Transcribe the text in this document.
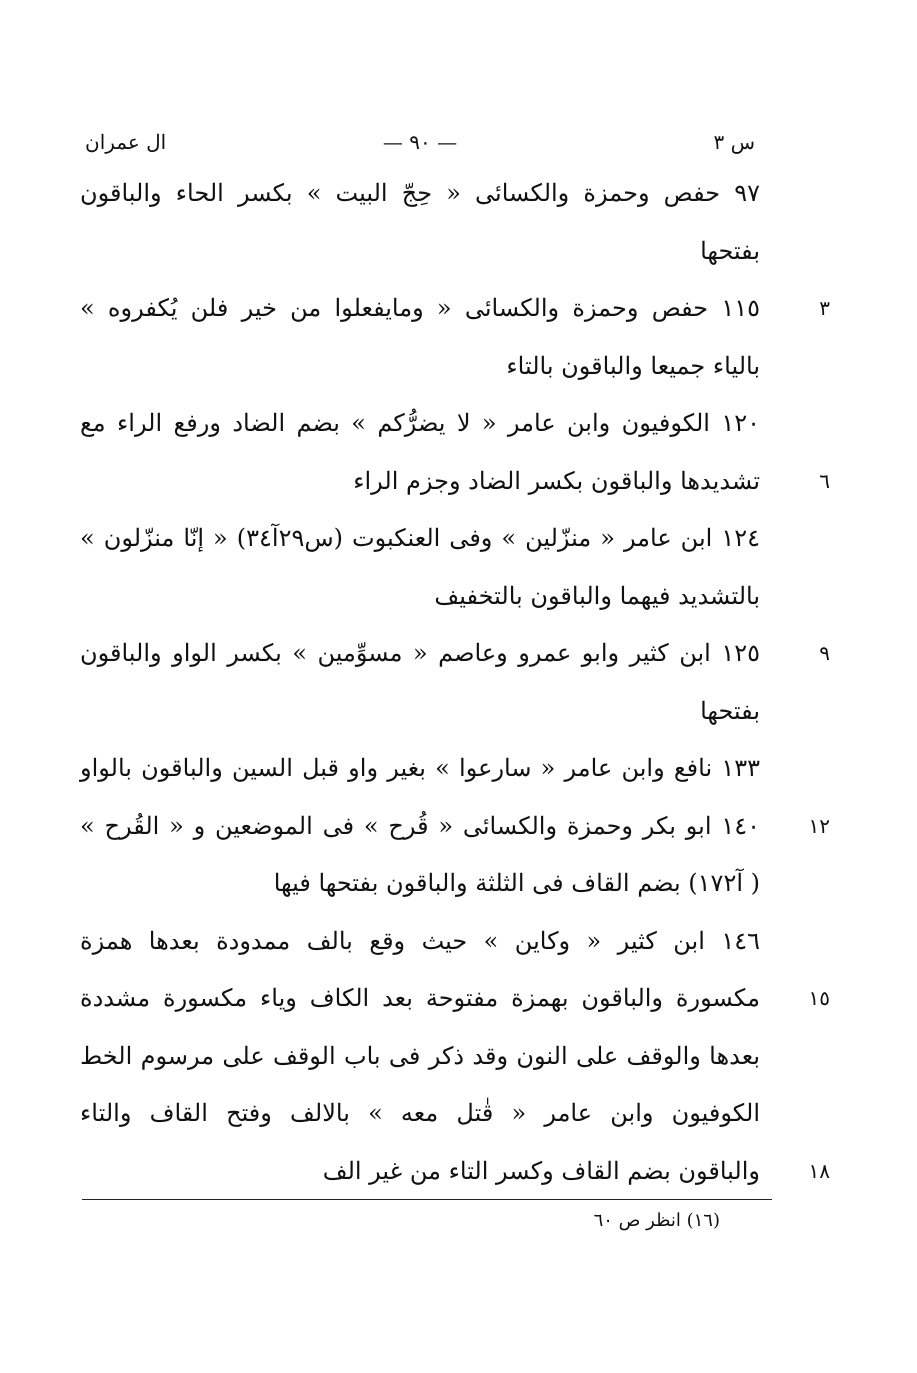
ال عمران	— ٩٠ —	س ٣
٩٧ حفص وحمزة والكسائى « حِجّ البيت » بكسر الحاء والباقون
بفتحها
١١٥ حفص وحمزة والكسائى « ومايفعلوا من خير فلن يُكفروه »	٣
بالياء جميعا والباقون بالتاء
١٢٠ الكوفيون وابن عامر « لا يضرُّكم » بضم الضاد ورفع الراء مع
تشديدها والباقون بكسر الضاد وجزم الراء	٦
١٢٤ ابن عامر « منزّلين » وفى العنكبوت (س٢٩آ٣٤) « إنّا منزّلون »
بالتشديد فيهما والباقون بالتخفيف
١٢٥ ابن كثير وابو عمرو وعاصم « مسوِّمين » بكسر الواو والباقون	٩
بفتحها
١٣٣ نافع وابن عامر « سارعوا » بغير واو قبل السين والباقون بالواو
١٤٠ ابو بكر وحمزة والكسائى « قُرح » فى الموضعين و « القُرح »	١٢
( آ١٧٢) بضم القاف فى الثلثة والباقون بفتحها فيها
١٤٦ ابن كثير « وكاين » حيث وقع بالف ممدودة بعدها همزة
مكسورة والباقون بهمزة مفتوحة بعد الكاف وياء مكسورة مشددة	١٥
بعدها والوقف على النون وقد ذكر فى باب الوقف على مرسوم الخط
الكوفيون وابن عامر « قٰتل معه » بالالف وفتح القاف والتاء
والباقون بضم القاف وكسر التاء من غير الف	١٨
(١٦) انظر ص ٦٠
